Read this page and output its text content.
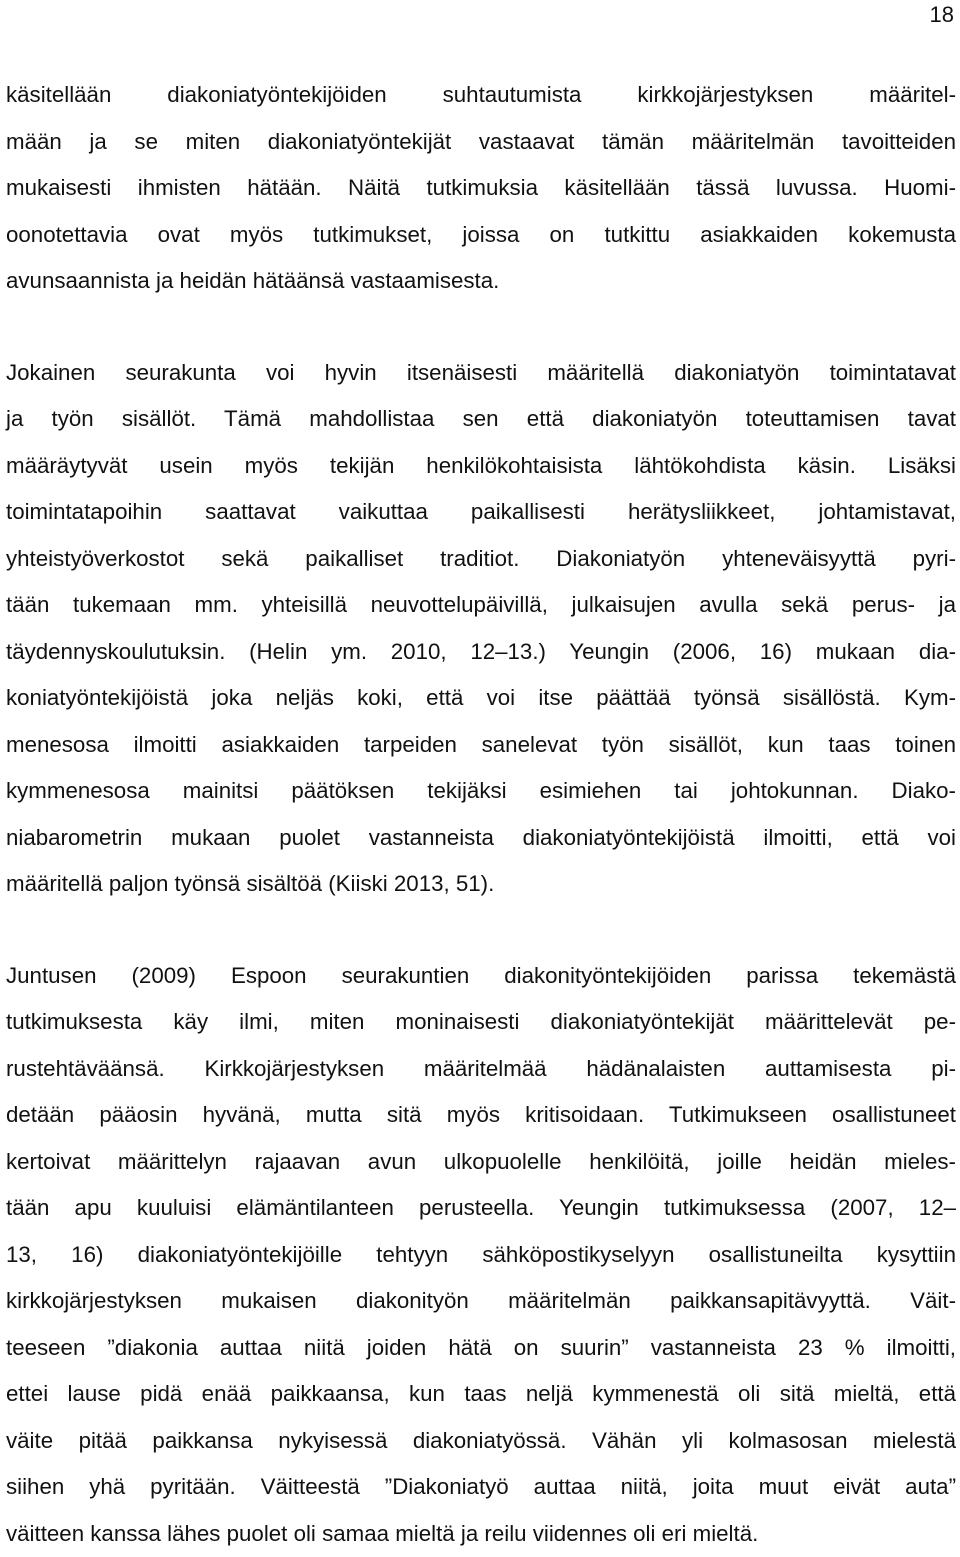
18
käsitellään diakoniatyöntekijöiden suhtautumista kirkkojärjestyksen määritel-
mään ja se miten diakoniatyöntekijät vastaavat tämän määritelmän tavoitteiden
mukaisesti ihmisten hätään. Näitä tutkimuksia käsitellään tässä luvussa. Huomi-
oonotettavia ovat myös tutkimukset, joissa on tutkittu asiakkaiden kokemusta
avunsaannista ja heidän hätäänsä vastaamisesta.
Jokainen seurakunta voi hyvin itsenäisesti määritellä diakoniatyön toimintatavat
ja työn sisällöt. Tämä mahdollistaa sen että diakoniatyön toteuttamisen tavat
määräytyvät usein myös tekijän henkilökohtaisista lähtökohdista käsin. Lisäksi
toimintatapoihin saattavat vaikuttaa paikallisesti herätysliikkeet, johtamistavat,
yhteistyöverkostot sekä paikalliset traditiot. Diakoniatyön yhteneväisyyttä pyri-
tään tukemaan mm. yhteisillä neuvottelupäivillä, julkaisujen avulla sekä perus- ja
täydennyskoulutuksin. (Helin ym. 2010, 12–13.) Yeungin (2006, 16) mukaan dia-
koniatyöntekijöistä joka neljäs koki, että voi itse päättää työnsä sisällöstä. Kym-
menesosa ilmoitti asiakkaiden tarpeiden sanelevat työn sisällöt, kun taas toinen
kymmenesosa mainitsi päätöksen tekijäksi esimiehen tai johtokunnan. Diako-
niabarometrin mukaan puolet vastanneista diakoniatyöntekijöistä ilmoitti, että voi
määritellä paljon työnsä sisältöä (Kiiski 2013, 51).
Juntusen (2009) Espoon seurakuntien diakonityöntekijöiden parissa tekemästä
tutkimuksesta käy ilmi, miten moninaisesti diakoniatyöntekijät määrittelevät pe-
rustehtäväänsä. Kirkkojärjestyksen määritelmää hädänalaisten auttamisesta pi-
detään pääosin hyvänä, mutta sitä myös kritisoidaan. Tutkimukseen osallistuneet
kertoivat määrittelyn rajaavan avun ulkopuolelle henkilöitä, joille heidän mieles-
tään apu kuuluisi elämäntilanteen perusteella. Yeungin tutkimuksessa (2007, 12–
13, 16) diakoniatyöntekijöille tehtyyn sähköpostikyselyyn osallistuneilta kysyttiin
kirkkojärjestyksen mukaisen diakonityön määritelmän paikkansapitävyyttä. Väit-
teeseen ”diakonia auttaa niitä joiden hätä on suurin” vastanneista 23 % ilmoitti,
ettei lause pidä enää paikkaansa, kun taas neljä kymmenestä oli sitä mieltä, että
väite pitää paikkansa nykyisessä diakoniatyössä. Vähän yli kolmasosan mielestä
siihen yhä pyritään. Väitteestä ”Diakoniatyö auttaa niitä, joita muut eivät auta”
väitteen kanssa lähes puolet oli samaa mieltä ja reilu viidennes oli eri mieltä.
